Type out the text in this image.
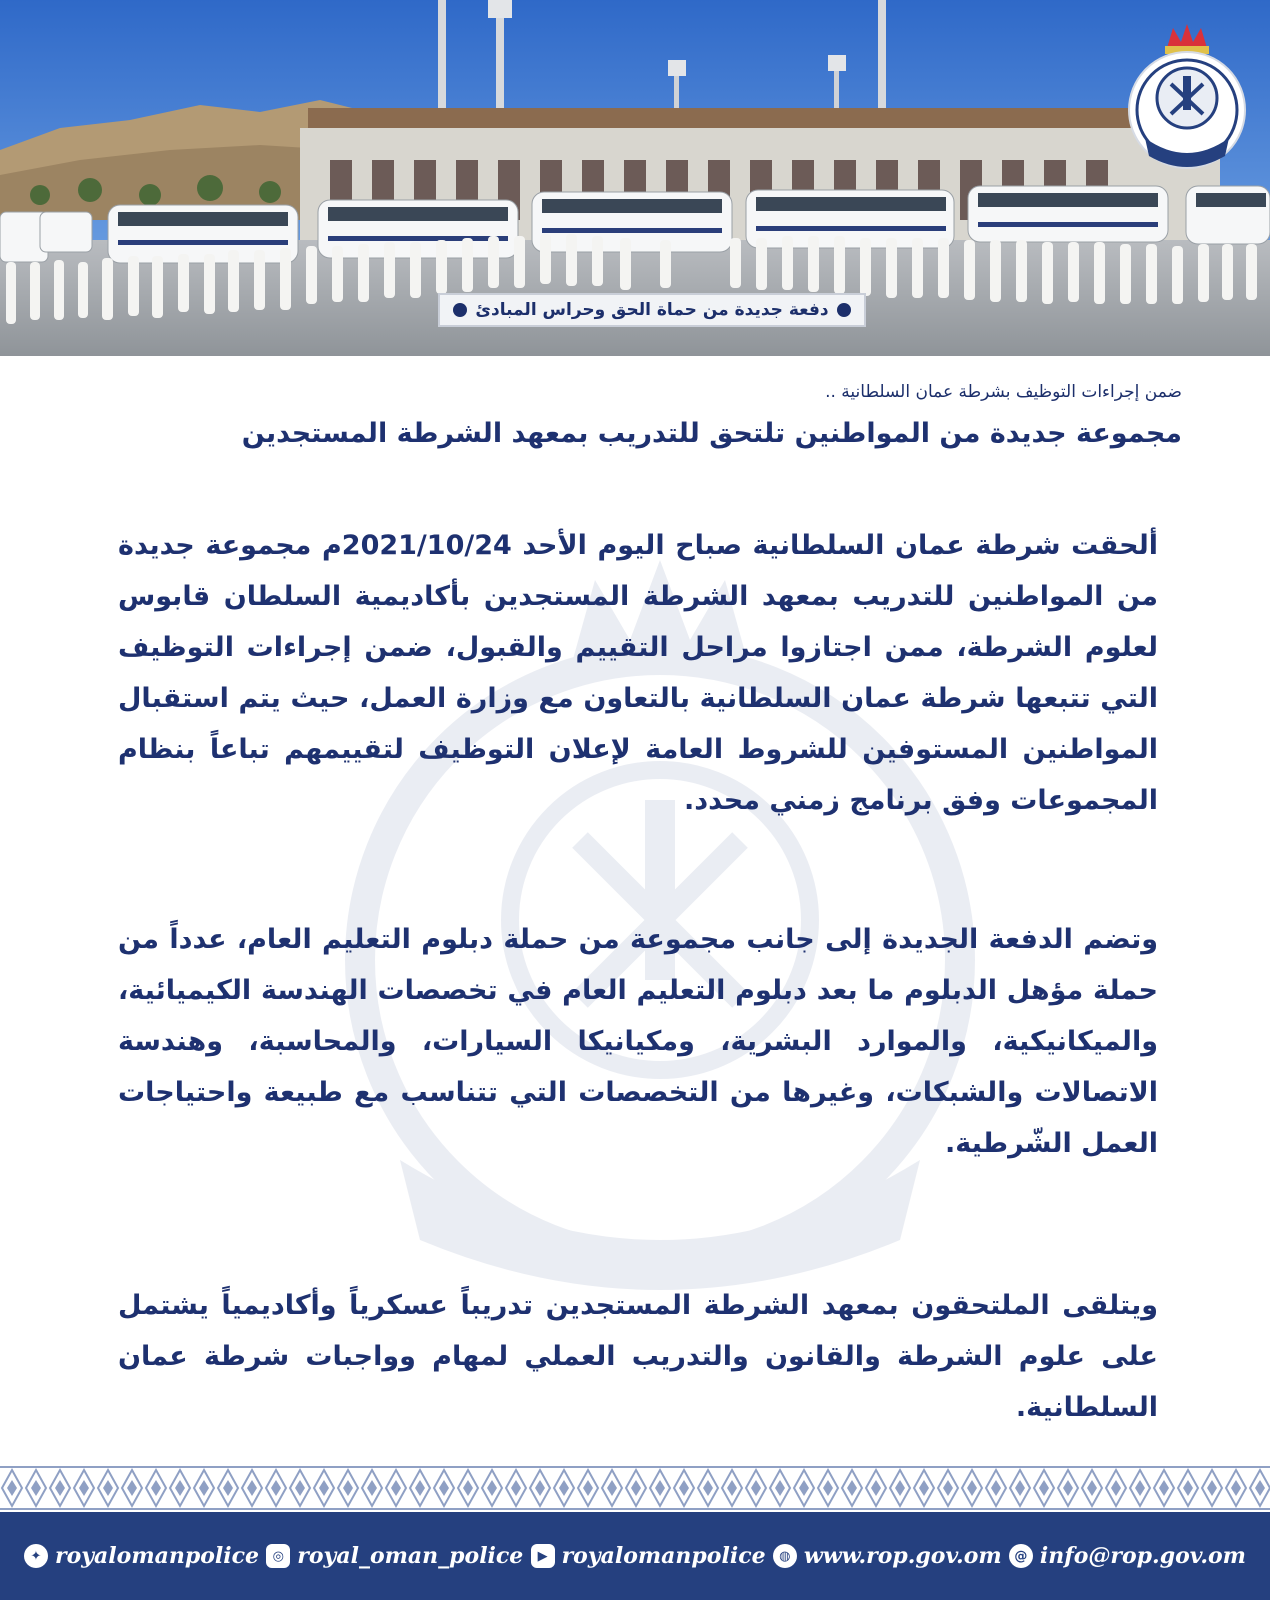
دفعة جديدة من حماة الحق وحراس المبادئ
ضمن إجراءات التوظيف بشرطة عمان السلطانية ..
مجموعة جديدة من المواطنين تلتحق للتدريب بمعهد الشرطة المستجدين
ألحقت شرطة عمان السلطانية صباح اليوم الأحد 2021/10/24م مجموعة جديدة من المواطنين للتدريب بمعهد الشرطة المستجدين بأكاديمية السلطان قابوس لعلوم الشرطة، ممن اجتازوا مراحل التقييم والقبول، ضمن إجراءات التوظيف التي تتبعها شرطة عمان السلطانية بالتعاون مع وزارة العمل، حيث يتم استقبال المواطنين المستوفين للشروط العامة لإعلان التوظيف لتقييمهم تباعاً بنظام المجموعات وفق برنامج زمني محدد.
وتضم الدفعة الجديدة إلى جانب مجموعة من حملة دبلوم التعليم العام، عدداً من حملة مؤهل الدبلوم ما بعد دبلوم التعليم العام في تخصصات الهندسة الكيميائية، والميكانيكية، والموارد البشرية، ومكيانيكا السيارات، والمحاسبة، وهندسة الاتصالات والشبكات، وغيرها من التخصصات التي تتناسب مع طبيعة واحتياجات العمل الشّرطية.
ويتلقى الملتحقون بمعهد الشرطة المستجدين تدريباً عسكرياً وأكاديمياً يشتمل على علوم الشرطة والقانون والتدريب العملي لمهام وواجبات شرطة عمان السلطانية.
✦ royalomanpolice	◎ royal_oman_police	▶ royalomanpolice	◍ www.rop.gov.om @ info@rop.gov.om
